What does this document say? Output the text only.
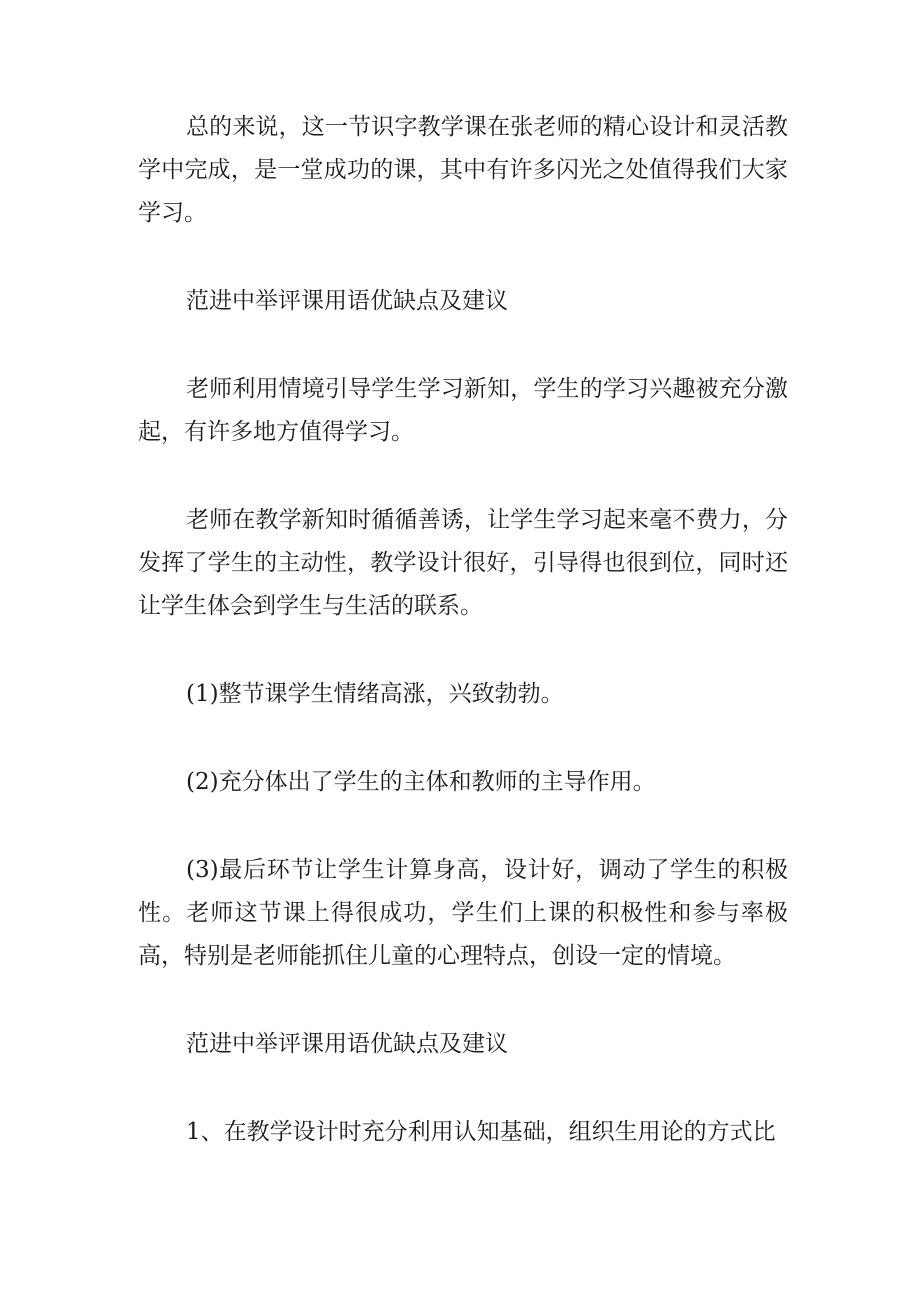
总的来说，这一节识字教学课在张老师的精心设计和灵活教学中完成，是一堂成功的课，其中有许多闪光之处值得我们大家学习。

范进中举评课用语优缺点及建议

老师利用情境引导学生学习新知，学生的学习兴趣被充分激起，有许多地方值得学习。

老师在教学新知时循循善诱，让学生学习起来毫不费力，分发挥了学生的主动性，教学设计很好，引导得也很到位，同时还让学生体会到学生与生活的联系。

(1)整节课学生情绪高涨，兴致勃勃。

(2)充分体出了学生的主体和教师的主导作用。

(3)最后环节让学生计算身高，设计好，调动了学生的积极性。老师这节课上得很成功，学生们上课的积极性和参与率极高，特别是老师能抓住儿童的心理特点，创设一定的情境。

范进中举评课用语优缺点及建议

1、在教学设计时充分利用认知基础，组织生用论的方式比
